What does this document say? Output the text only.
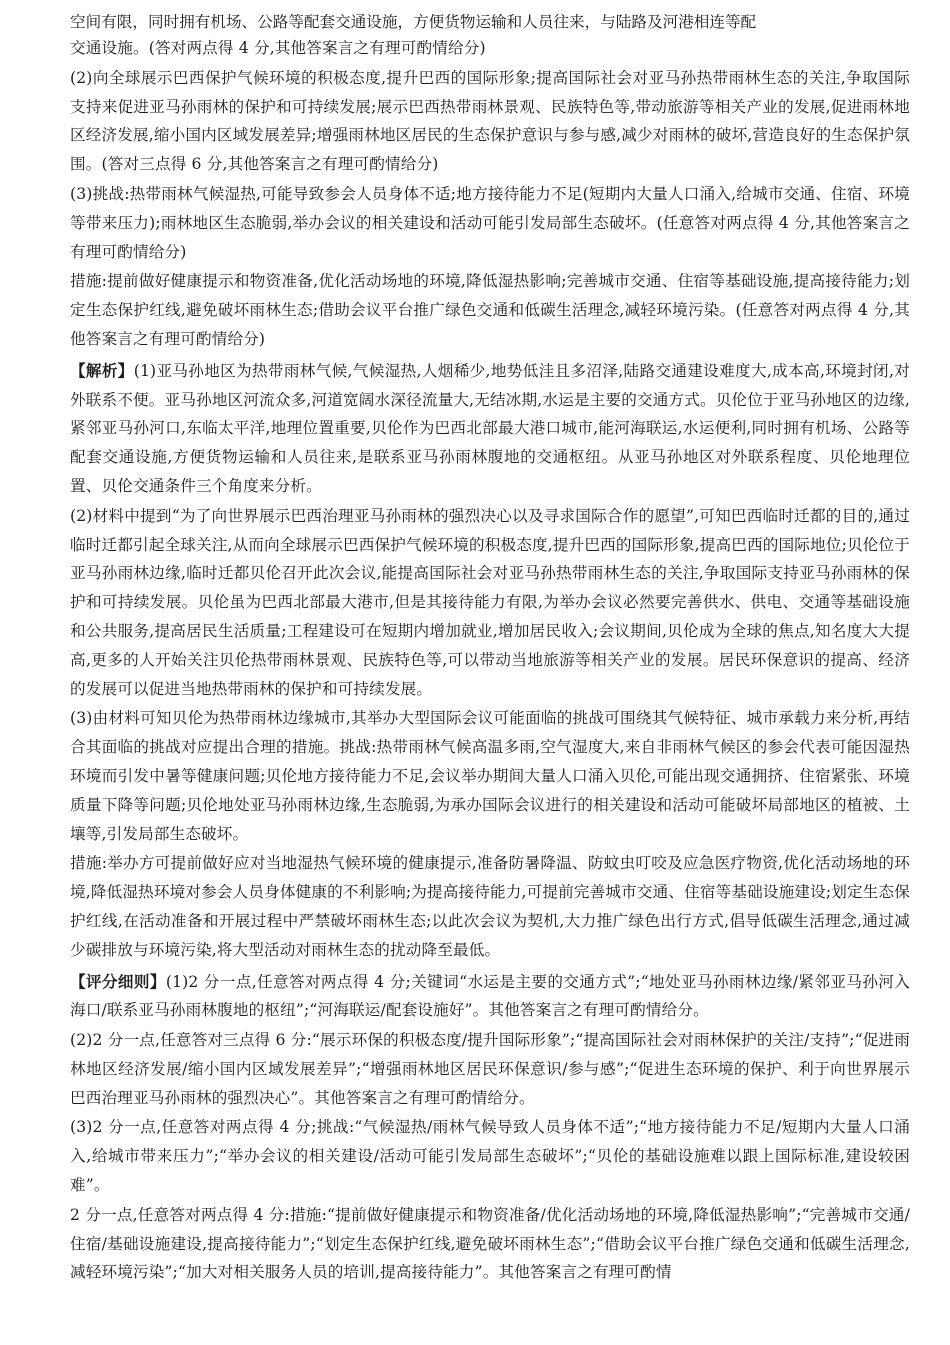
空间有限，同时拥有机场、公路等配套交通设施，方便货物运输和人员往来，与陆路及河港相连等配

交通设施。(答对两点得 4 分,其他答案言之有理可酌情给分)

(2)向全球展示巴西保护气候环境的积极态度,提升巴西的国际形象;提高国际社会对亚马孙热带雨林生态的关注,争取国际支持来促进亚马孙雨林的保护和可持续发展;展示巴西热带雨林景观、民族特色等,带动旅游等相关产业的发展,促进雨林地区经济发展,缩小国内区域发展差异;增强雨林地区居民的生态保护意识与参与感,减少对雨林的破坏,营造良好的生态保护氛围。(答对三点得 6 分,其他答案言之有理可酌情给分)

(3)挑战:热带雨林气候湿热,可能导致参会人员身体不适;地方接待能力不足(短期内大量人口涌入,给城市交通、住宿、环境等带来压力);雨林地区生态脆弱,举办会议的相关建设和活动可能引发局部生态破坏。(任意答对两点得 4 分,其他答案言之有理可酌情给分)

措施:提前做好健康提示和物资准备,优化活动场地的环境,降低湿热影响;完善城市交通、住宿等基础设施,提高接待能力;划定生态保护红线,避免破坏雨林生态;借助会议平台推广绿色交通和低碳生活理念,减轻环境污染。(任意答对两点得 4 分,其他答案言之有理可酌情给分)

【解析】(1)亚马孙地区为热带雨林气候,气候湿热,人烟稀少,地势低洼且多沼泽,陆路交通建设难度大,成本高,环境封闭,对外联系不便。亚马孙地区河流众多,河道宽阔水深径流量大,无结冰期,水运是主要的交通方式。贝伦位于亚马孙地区的边缘,紧邻亚马孙河口,东临太平洋,地理位置重要,贝伦作为巴西北部最大港口城市,能河海联运,水运便利,同时拥有机场、公路等配套交通设施,方便货物运输和人员往来,是联系亚马孙雨林腹地的交通枢纽。从亚马孙地区对外联系程度、贝伦地理位置、贝伦交通条件三个角度来分析。

(2)材料中提到“为了向世界展示巴西治理亚马孙雨林的强烈决心以及寻求国际合作的愿望”,可知巴西临时迁都的目的,通过临时迁都引起全球关注,从而向全球展示巴西保护气候环境的积极态度,提升巴西的国际形象,提高巴西的国际地位;贝伦位于亚马孙雨林边缘,临时迁都贝伦召开此次会议,能提高国际社会对亚马孙热带雨林生态的关注,争取国际支持亚马孙雨林的保护和可持续发展。贝伦虽为巴西北部最大港市,但是其接待能力有限,为举办会议必然要完善供水、供电、交通等基础设施和公共服务,提高居民生活质量;工程建设可在短期内增加就业,增加居民收入;会议期间,贝伦成为全球的焦点,知名度大大提高,更多的人开始关注贝伦热带雨林景观、民族特色等,可以带动当地旅游等相关产业的发展。居民环保意识的提高、经济的发展可以促进当地热带雨林的保护和可持续发展。

(3)由材料可知贝伦为热带雨林边缘城市,其举办大型国际会议可能面临的挑战可围绕其气候特征、城市承载力来分析,再结合其面临的挑战对应提出合理的措施。挑战:热带雨林气候高温多雨,空气湿度大,来自非雨林气候区的参会代表可能因湿热环境而引发中暑等健康问题;贝伦地方接待能力不足,会议举办期间大量人口涌入贝伦,可能出现交通拥挤、住宿紧张、环境质量下降等问题;贝伦地处亚马孙雨林边缘,生态脆弱,为承办国际会议进行的相关建设和活动可能破坏局部地区的植被、土壤等,引发局部生态破坏。

措施:举办方可提前做好应对当地湿热气候环境的健康提示,准备防暑降温、防蚊虫叮咬及应急医疗物资,优化活动场地的环境,降低湿热环境对参会人员身体健康的不利影响;为提高接待能力,可提前完善城市交通、住宿等基础设施建设;划定生态保护红线,在活动准备和开展过程中严禁破坏雨林生态;以此次会议为契机,大力推广绿色出行方式,倡导低碳生活理念,通过减少碳排放与环境污染,将大型活动对雨林生态的扰动降至最低。

【评分细则】(1)2 分一点,任意答对两点得 4 分;关键词“水运是主要的交通方式”;“地处亚马孙雨林边缘/紧邻亚马孙河入海口/联系亚马孙雨林腹地的枢纽”;“河海联运/配套设施好”。其他答案言之有理可酌情给分。

(2)2 分一点,任意答对三点得 6 分:“展示环保的积极态度/提升国际形象”;“提高国际社会对雨林保护的关注/支持”;“促进雨林地区经济发展/缩小国内区域发展差异”;“增强雨林地区居民环保意识/参与感”;“促进生态环境的保护、利于向世界展示巴西治理亚马孙雨林的强烈决心”。其他答案言之有理可酌情给分。

(3)2 分一点,任意答对两点得 4 分;挑战:“气候湿热/雨林气候导致人员身体不适”;“地方接待能力不足/短期内大量人口涌入,给城市带来压力”;“举办会议的相关建设/活动可能引发局部生态破坏”;“贝伦的基础设施难以跟上国际标准,建设较困难”。

2 分一点,任意答对两点得 4 分:措施:“提前做好健康提示和物资准备/优化活动场地的环境,降低湿热影响”;“完善城市交通/住宿/基础设施建设,提高接待能力”;“划定生态保护红线,避免破坏雨林生态”;“借助会议平台推广绿色交通和低碳生活理念,减轻环境污染”;“加大对相关服务人员的培训,提高接待能力”。其他答案言之有理可酌情
